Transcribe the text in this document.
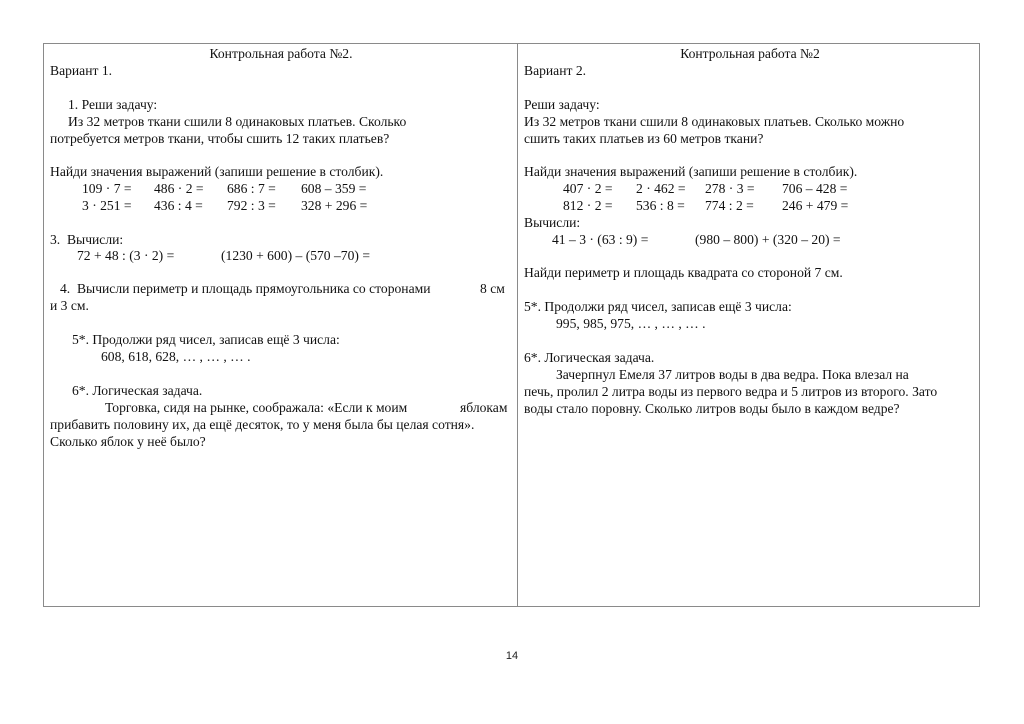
Контрольная работа №2.
Вариант 1.
1. Реши задачу:
Из 32 метров ткани сшили 8 одинаковых платьев. Сколько
потребуется метров ткани, чтобы сшить 12 таких платьев?
Найди значения выражений (запиши решение в столбик).
109 · 7 = 486 · 2 = 686 : 7 = 608 – 359 =
3 · 251 = 436 : 4 = 792 : 3 = 328 + 296 =
3.  Вычисли:
72 + 48 : (3 · 2) =	(1230 + 600) – (570 –70) =
4.  Вычисли периметр и площадь прямоугольника со сторонами	8 см
и 3 см.
5*. Продолжи ряд чисел, записав ещё 3 числа:
608, 618, 628, … , … , … .
6*. Логическая задача.
Торговка, сидя на рынке, соображала: «Если к моим	яблокам
прибавить половину их, да ещё десяток, то у меня была бы целая сотня».
Сколько яблок у неё было?
Контрольная работа №2
Вариант 2.
Реши задачу:
Из 32 метров ткани сшили 8 одинаковых платьев. Сколько можно
сшить таких платьев из 60 метров ткани?
Найди значения выражений (запиши решение в столбик).
407 · 2 = 2 · 462 = 278 · 3 = 706 – 428 =
812 · 2 = 536 : 8 = 774 : 2 = 246 + 479 =
Вычисли:
41 – 3 · (63 : 9) =	(980 – 800) + (320 – 20) =
Найди периметр и площадь квадрата со стороной 7 см.
5*. Продолжи ряд чисел, записав ещё 3 числа:
995, 985, 975, … , … , … .
6*. Логическая задача.
Зачерпнул Емеля 37 литров воды в два ведра. Пока влезал на
печь, пролил 2 литра воды из первого ведра и 5 литров из второго. Зато
воды стало поровну. Сколько литров воды было в каждом ведре?
14
